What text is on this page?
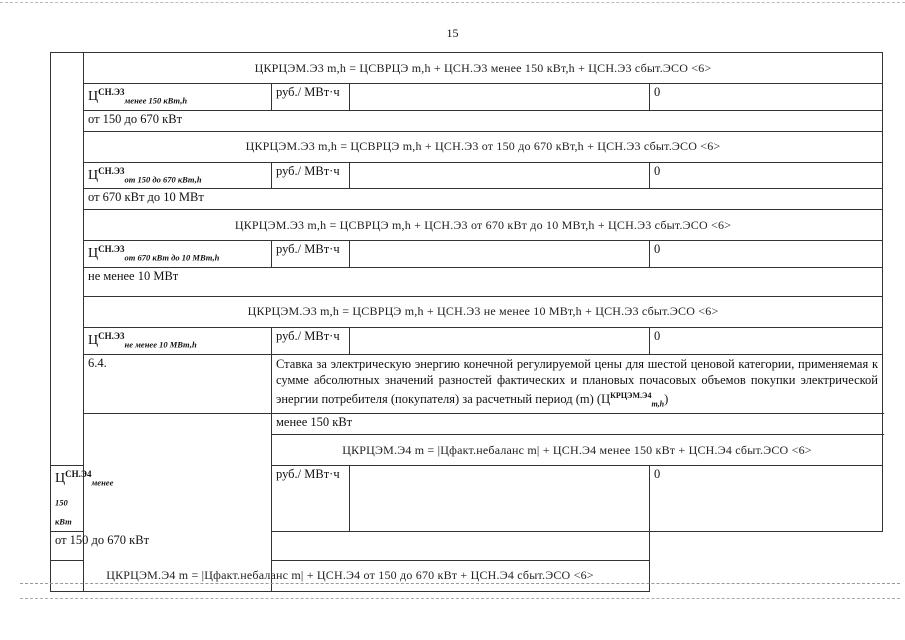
15
	ЦКРЦЭМ.Э3 m,h = ЦСВРЦЭ m,h + ЦСН.Э3 менее 150 кВт,h + ЦСН.Э3 сбыт.ЭСО <6>			
	$Ц^{СН.Э3}_{менее 150 кВт,h}$	руб./ МВт·ч		0
	от 150 до 670 кВт			
	ЦКРЦЭМ.Э3 m,h = ЦСВРЦЭ m,h + ЦСН.Э3 от 150 до 670 кВт,h + ЦСН.Э3 сбыт.ЭСО <6>			
	$Ц^{СН.Э3}_{от 150 до 670 кВт,h}$	руб./ МВт·ч		0
	от 670 кВт до 10 МВт			
	ЦКРЦЭМ.Э3 m,h = ЦСВРЦЭ m,h + ЦСН.Э3 от 670 кВт до 10 МВт,h + ЦСН.Э3 сбыт.ЭСО <6>			
	$Ц^{СН.Э3}_{от 670 кВт до 10 МВт,h}$	руб./ МВт·ч		0
	не менее 10 МВт			
	ЦКРЦЭМ.Э3 m,h = ЦСВРЦЭ m,h + ЦСН.Э3 не менее 10 МВт,h + ЦСН.Э3 сбыт.ЭСО <6>			
	$Ц^{СН.Э3}_{не менее 10 МВт,h}$	руб./ МВт·ч		0
	6.4.	Ставка за электрическую энергию конечной регулируемой цены для шестой ценовой категории, применяемая к сумме абсолютных значений разностей фактических и плановых почасовых объемов покупки электрической энергии потребителя (покупателя) за расчетный период (m) $(Ц^{КРЦЭМ.Э4}_{m,h})$		
		менее 150 кВт		
		ЦКРЦЭМ.Э4 m = |Цфакт.небаланс m| + ЦСН.Э4 менее 150 кВт + ЦСН.Э4 сбыт.ЭСО <6>		
$Ц^{СН.Э4}_{менее 150 кВт}$		руб./ МВт·ч		0
от 150 до 670 кВт				
ЦКРЦЭМ.Э4 m = |Цфакт.небаланс m| + ЦСН.Э4 от 150 до 670 кВт + ЦСН.Э4 сбыт.ЭСО <6>				
